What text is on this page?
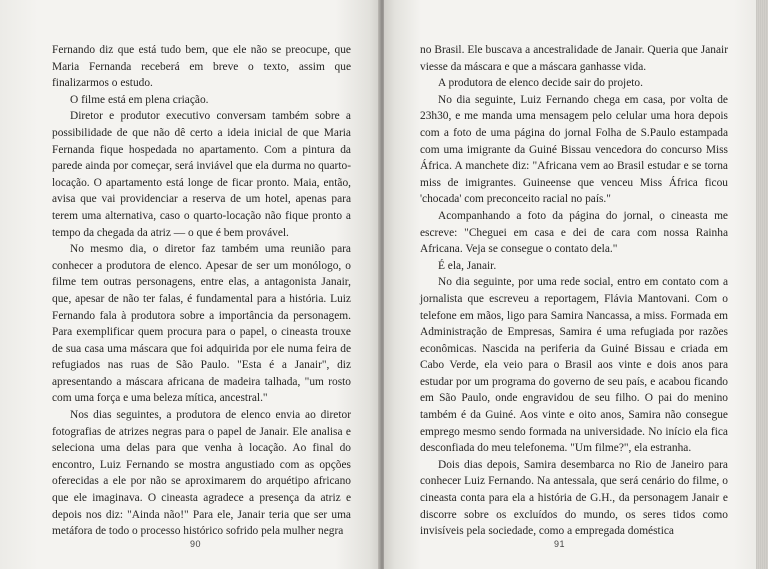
Fernando diz que está tudo bem, que ele não se preocupe, que Maria Fernanda receberá em breve o texto, assim que finalizarmos o estudo.

O filme está em plena criação.

Diretor e produtor executivo conversam também sobre a possibilidade de que não dê certo a ideia inicial de que Maria Fernanda fique hospedada no apartamento. Com a pintura da parede ainda por começar, será inviável que ela durma no quarto-locação. O apartamento está longe de ficar pronto. Maia, então, avisa que vai providenciar a reserva de um hotel, apenas para terem uma alternativa, caso o quarto-locação não fique pronto a tempo da chegada da atriz — o que é bem provável.

No mesmo dia, o diretor faz também uma reunião para conhecer a produtora de elenco. Apesar de ser um monólogo, o filme tem outras personagens, entre elas, a antagonista Janair, que, apesar de não ter falas, é fundamental para a história. Luiz Fernando fala à produtora sobre a importância da personagem. Para exemplificar quem procura para o papel, o cineasta trouxe de sua casa uma máscara que foi adquirida por ele numa feira de refugiados nas ruas de São Paulo. "Esta é a Janair", diz apresentando a máscara africana de madeira talhada, "um rosto com uma força e uma beleza mítica, ancestral."

Nos dias seguintes, a produtora de elenco envia ao diretor fotografias de atrizes negras para o papel de Janair. Ele analisa e seleciona uma delas para que venha à locação. Ao final do encontro, Luiz Fernando se mostra angustiado com as opções oferecidas a ele por não se aproximarem do arquétipo africano que ele imaginava. O cineasta agradece a presença da atriz e depois nos diz: "Ainda não!" Para ele, Janair teria que ser uma metáfora de todo o processo histórico sofrido pela mulher negra

90

no Brasil. Ele buscava a ancestralidade de Janair. Queria que Janair viesse da máscara e que a máscara ganhasse vida.

A produtora de elenco decide sair do projeto.

No dia seguinte, Luiz Fernando chega em casa, por volta de 23h30, e me manda uma mensagem pelo celular uma hora depois com a foto de uma página do jornal Folha de S.Paulo estampada com uma imigrante da Guiné Bissau vencedora do concurso Miss África. A manchete diz: "Africana vem ao Brasil estudar e se torna miss de imigrantes. Guineense que venceu Miss África ficou 'chocada' com preconceito racial no país."

Acompanhando a foto da página do jornal, o cineasta me escreve: "Cheguei em casa e dei de cara com nossa Rainha Africana. Veja se consegue o contato dela."

É ela, Janair.

No dia seguinte, por uma rede social, entro em contato com a jornalista que escreveu a reportagem, Flávia Mantovani. Com o telefone em mãos, ligo para Samira Nancassa, a miss. Formada em Administração de Empresas, Samira é uma refugiada por razões econômicas. Nascida na periferia da Guiné Bissau e criada em Cabo Verde, ela veio para o Brasil aos vinte e dois anos para estudar por um programa do governo de seu país, e acabou ficando em São Paulo, onde engravidou de seu filho. O pai do menino também é da Guiné. Aos vinte e oito anos, Samira não consegue emprego mesmo sendo formada na universidade. No início ela fica desconfiada do meu telefonema. "Um filme?", ela estranha.

Dois dias depois, Samira desembarca no Rio de Janeiro para conhecer Luiz Fernando. Na antessala, que será cenário do filme, o cineasta conta para ela a história de G.H., da personagem Janair e discorre sobre os excluídos do mundo, os seres tidos como invisíveis pela sociedade, como a empregada doméstica

91
